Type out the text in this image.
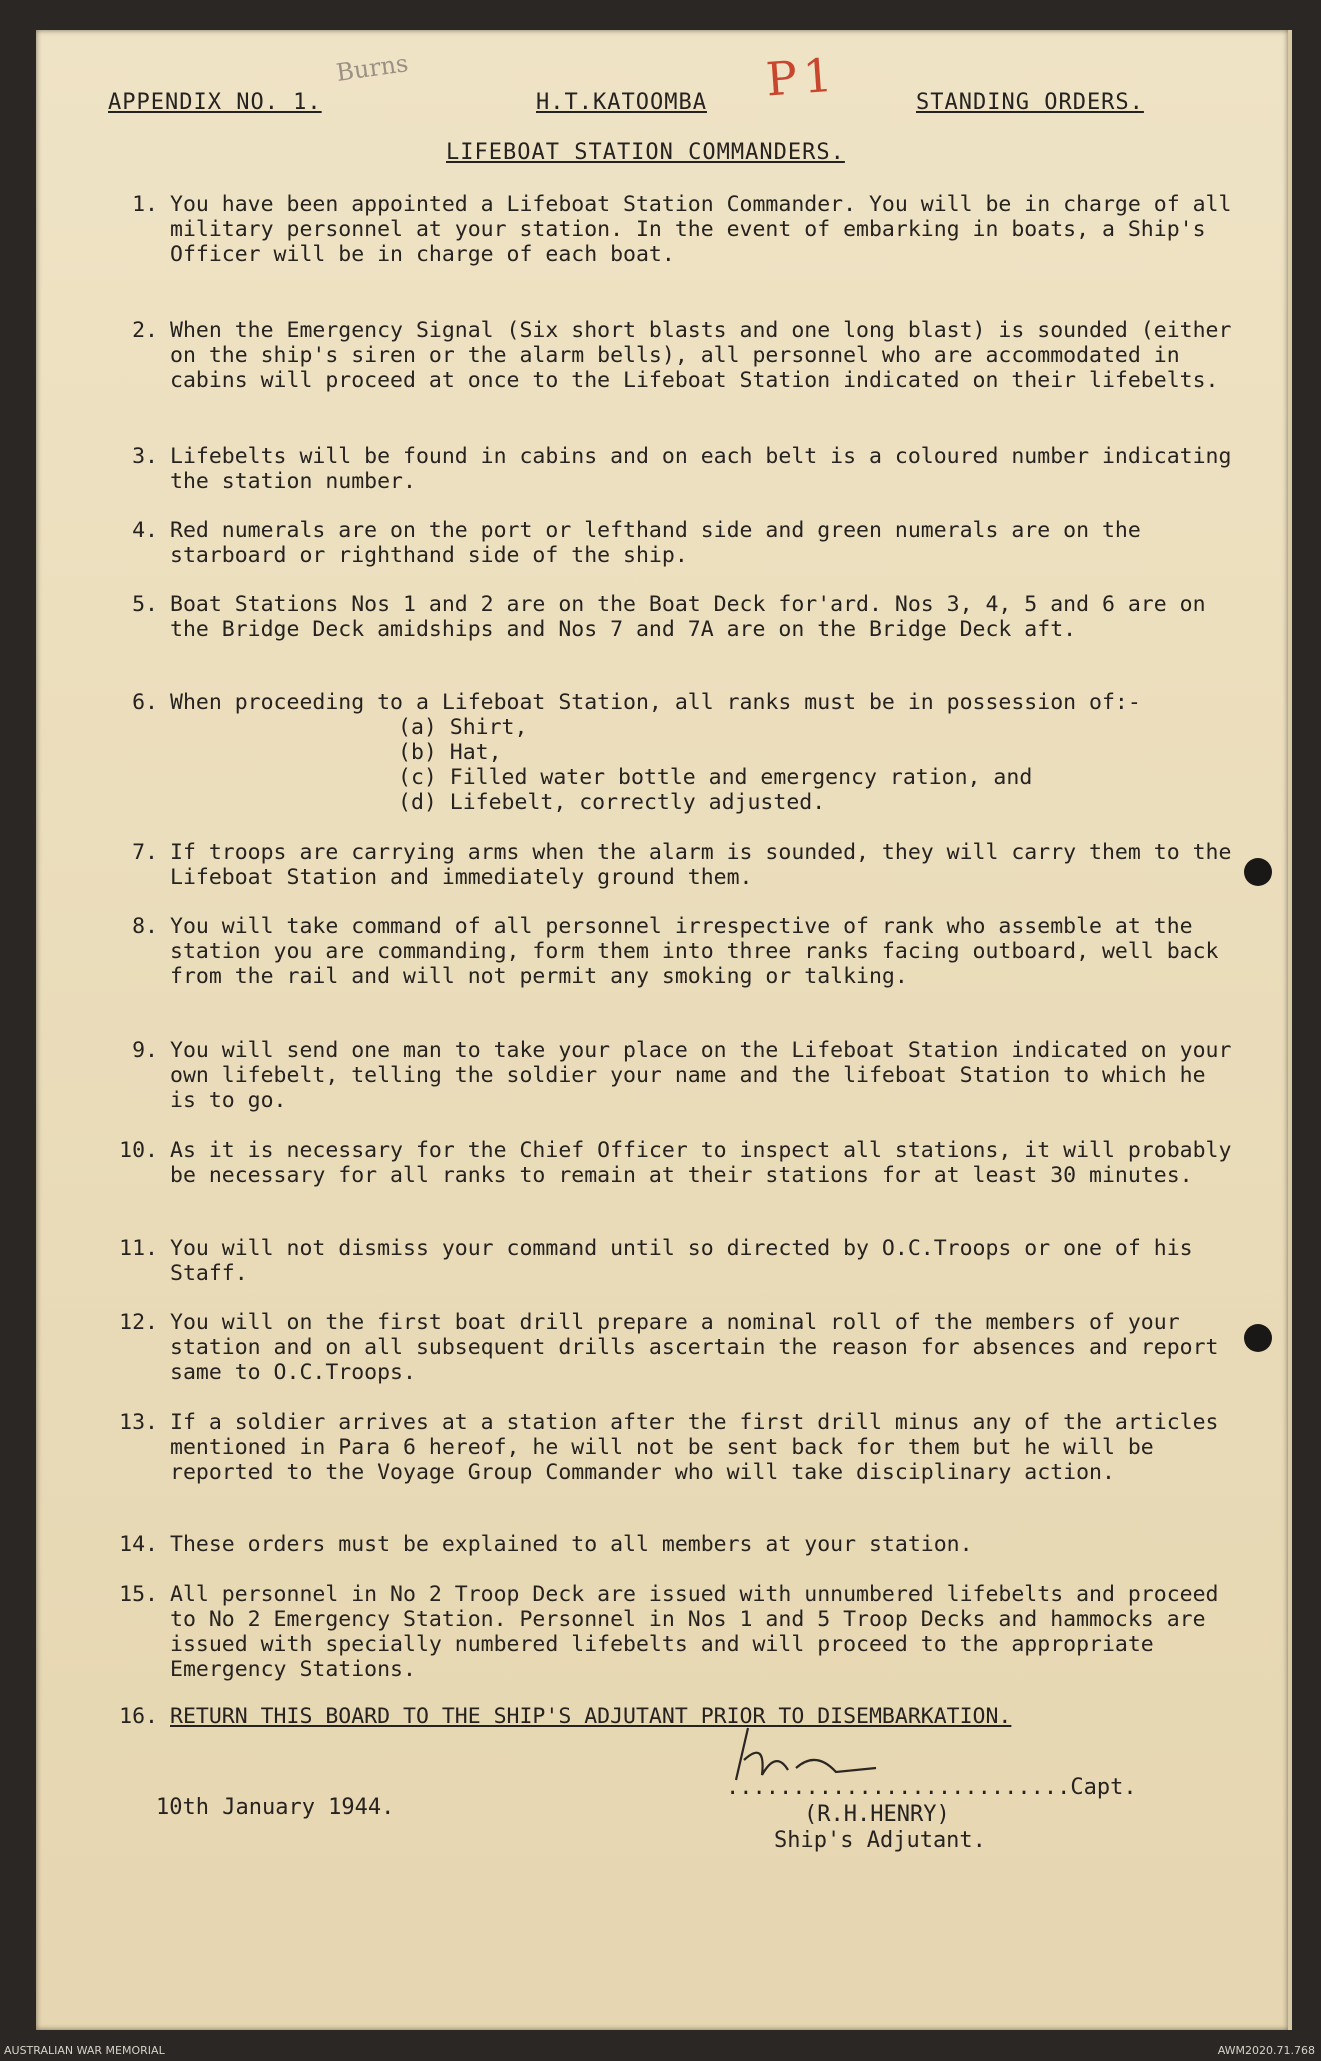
Burns	P1
APPENDIX NO. 1.	H.T.KATOOMBA	STANDING ORDERS.
LIFEBOAT STATION COMMANDERS.
1. You have been appointed a Lifeboat Station Commander. You will be in charge of all military personnel at your station. In the event of embarking in boats, a Ship's Officer will be in charge of each boat.
2. When the Emergency Signal (Six short blasts and one long blast) is sounded (either on the ship's siren or the alarm bells), all personnel who are accommodated in cabins will proceed at once to the Lifeboat Station indicated on their lifebelts.
3. Lifebelts will be found in cabins and on each belt is a coloured number indicating the station number.
4. Red numerals are on the port or lefthand side and green numerals are on the starboard or righthand side of the ship.
5. Boat Stations Nos 1 and 2 are on the Boat Deck for'ard. Nos 3, 4, 5 and 6 are on the Bridge Deck amidships and Nos 7 and 7A are on the Bridge Deck aft.
6. When proceeding to a Lifeboat Station, all ranks must be in possession of:-
(a) Shirt,
(b) Hat,
(c) Filled water bottle and emergency ration, and
(d) Lifebelt, correctly adjusted.
7. If troops are carrying arms when the alarm is sounded, they will carry them to the Lifeboat Station and immediately ground them.
8. You will take command of all personnel irrespective of rank who assemble at the station you are commanding, form them into three ranks facing outboard, well back from the rail and will not permit any smoking or talking.
9. You will send one man to take your place on the Lifeboat Station indicated on your own lifebelt, telling the soldier your name and the lifeboat Station to which he is to go.
10. As it is necessary for the Chief Officer to inspect all stations, it will probably be necessary for all ranks to remain at their stations for at least 30 minutes.
11. You will not dismiss your command until so directed by O.C.Troops or one of his Staff.
12. You will on the first boat drill prepare a nominal roll of the members of your station and on all subsequent drills ascertain the reason for absences and report same to O.C.Troops.
13. If a soldier arrives at a station after the first drill minus any of the articles mentioned in Para 6 hereof, he will not be sent back for them but he will be reported to the Voyage Group Commander who will take disciplinary action.
14. These orders must be explained to all members at your station.
15. All personnel in No 2 Troop Deck are issued with unnumbered lifebelts and proceed to No 2 Emergency Station. Personnel in Nos 1 and 5 Troop Decks and hammocks are issued with specially numbered lifebelts and will proceed to the appropriate Emergency Stations.
16. RETURN THIS BOARD TO THE SHIP'S ADJUTANT PRIOR TO DISEMBARKATION.
..........................Capt.
(R.H.HENRY)
Ship's Adjutant.
10th January 1944.
AUSTRALIAN WAR MEMORIAL	AWM2020.71.768
